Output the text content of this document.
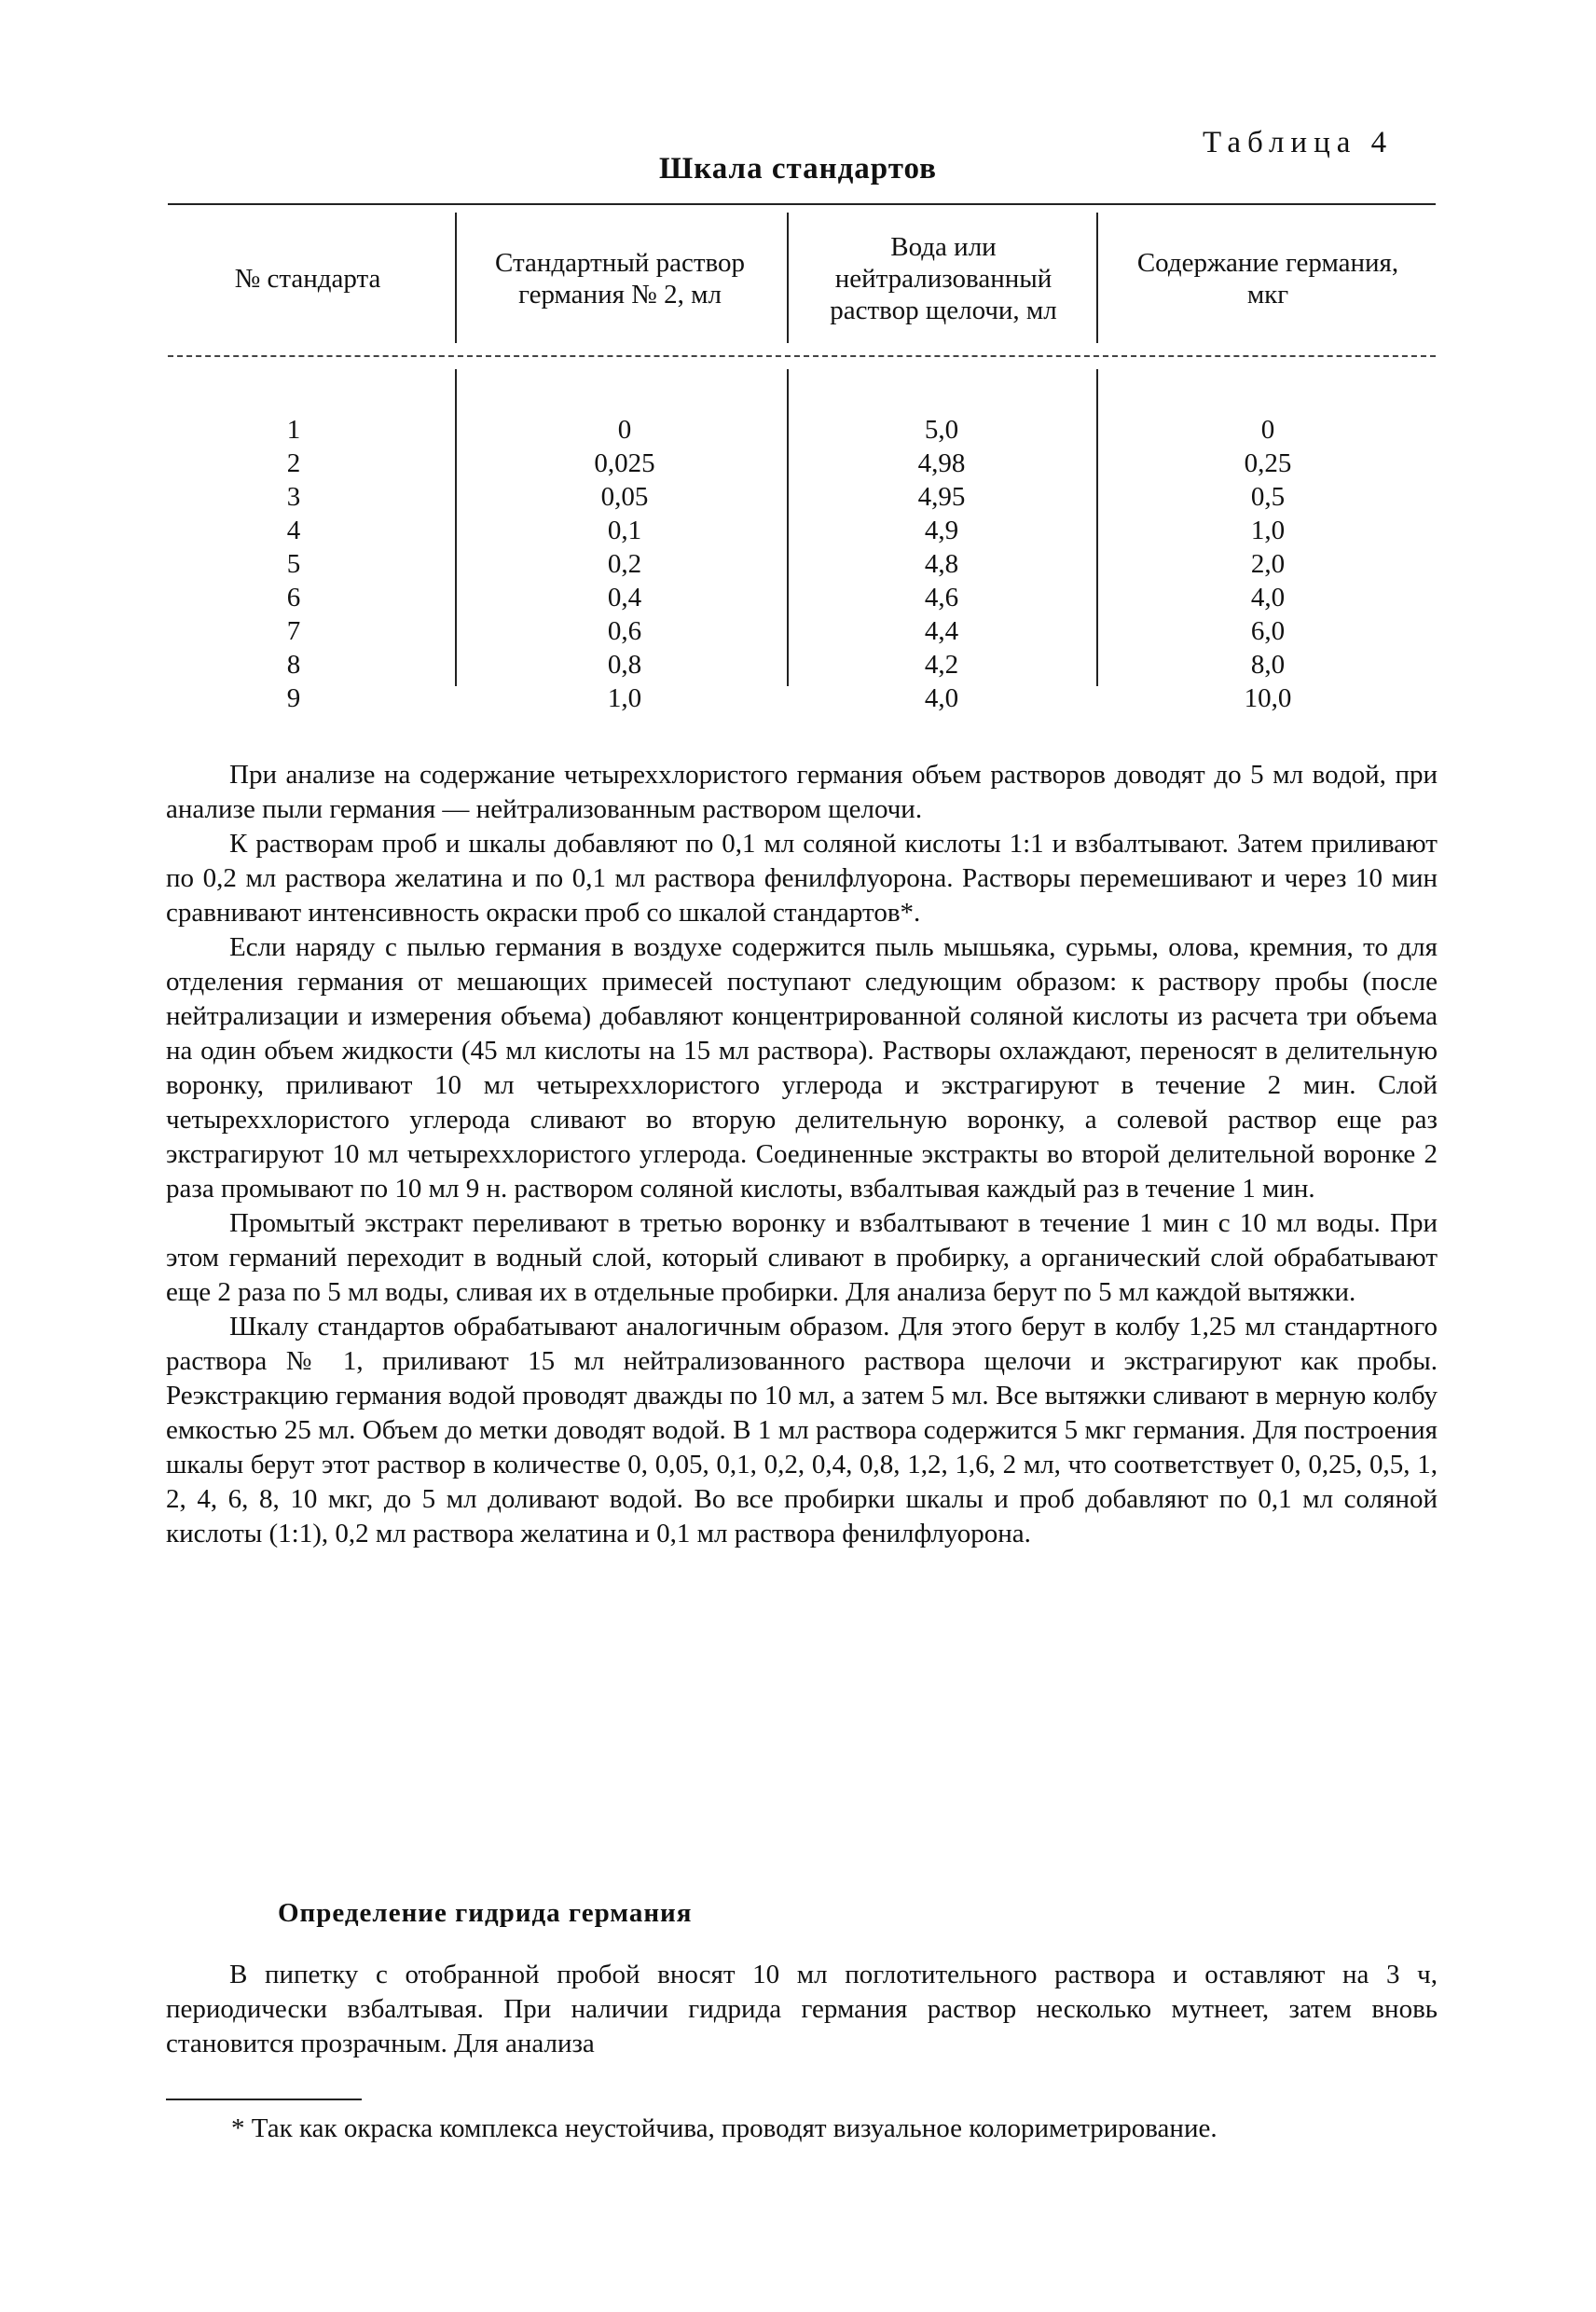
Таблица 4
Шкала стандартов
№ стандарта
Стандартный раствор германия № 2, мл
Вода или нейтрализованный раствор щелочи, мл
Содержание германия, мкг
1
2
3
4
5
6
7
8
9
0
0,025
0,05
0,1
0,2
0,4
0,6
0,8
1,0
5,0
4,98
4,95
4,9
4,8
4,6
4,4
4,2
4,0
0
0,25
0,5
1,0
2,0
4,0
6,0
8,0
10,0

При анализе на содержание четыреххлористого германия объем растворов доводят до 5 мл водой, при анализе пыли германия — нейтрализованным раствором щелочи.

К растворам проб и шкалы добавляют по 0,1 мл соляной кислоты 1:1 и взбалтывают. Затем приливают по 0,2 мл раствора желатина и по 0,1 мл раствора фенилфлуорона. Растворы перемешивают и через 10 мин сравнивают интенсивность окраски проб со шкалой стандартов*.

Если наряду с пылью германия в воздухе содержится пыль мышьяка, сурьмы, олова, кремния, то для отделения германия от мешающих примесей поступают следующим образом: к раствору пробы (после нейтрализации и измерения объема) добавляют концентрированной соляной кислоты из расчета три объема на один объем жидкости (45 мл кислоты на 15 мл раствора). Растворы охлаждают, переносят в делительную воронку, приливают 10 мл четыреххлористого углерода и экстрагируют в течение 2 мин. Слой четыреххлористого углерода сливают во вторую делительную воронку, а солевой раствор еще раз экстрагируют 10 мл четыреххлористого углерода. Соединенные экстракты во второй делительной воронке 2 раза промывают по 10 мл 9 н. раствором соляной кислоты, взбалтывая каждый раз в течение 1 мин.

Промытый экстракт переливают в третью воронку и взбалтывают в течение 1 мин с 10 мл воды. При этом германий переходит в водный слой, который сливают в пробирку, а органический слой обрабатывают еще 2 раза по 5 мл воды, сливая их в отдельные пробирки. Для анализа берут по 5 мл каждой вытяжки.

Шкалу стандартов обрабатывают аналогичным образом. Для этого берут в колбу 1,25 мл стандартного раствора № 1, приливают 15 мл нейтрализованного раствора щелочи и экстрагируют как пробы. Реэкстракцию германия водой проводят дважды по 10 мл, а затем 5 мл. Все вытяжки сливают в мерную колбу емкостью 25 мл. Объем до метки доводят водой. В 1 мл раствора содержится 5 мкг германия. Для построения шкалы берут этот раствор в количестве 0, 0,05, 0,1, 0,2, 0,4, 0,8, 1,2, 1,6, 2 мл, что соответствует 0, 0,25, 0,5, 1, 2, 4, 6, 8, 10 мкг, до 5 мл доливают водой. Во все пробирки шкалы и проб добавляют по 0,1 мл соляной кислоты (1:1), 0,2 мл раствора желатина и 0,1 мл раствора фенилфлуорона.

Определение гидрида германия

В пипетку с отобранной пробой вносят 10 мл поглотительного раствора и оставляют на 3 ч, периодически взбалтывая. При наличии гидрида германия раствор несколько мутнеет, затем вновь становится прозрачным. Для анализа

* Так как окраска комплекса неустойчива, проводят визуальное колориметрирование.
